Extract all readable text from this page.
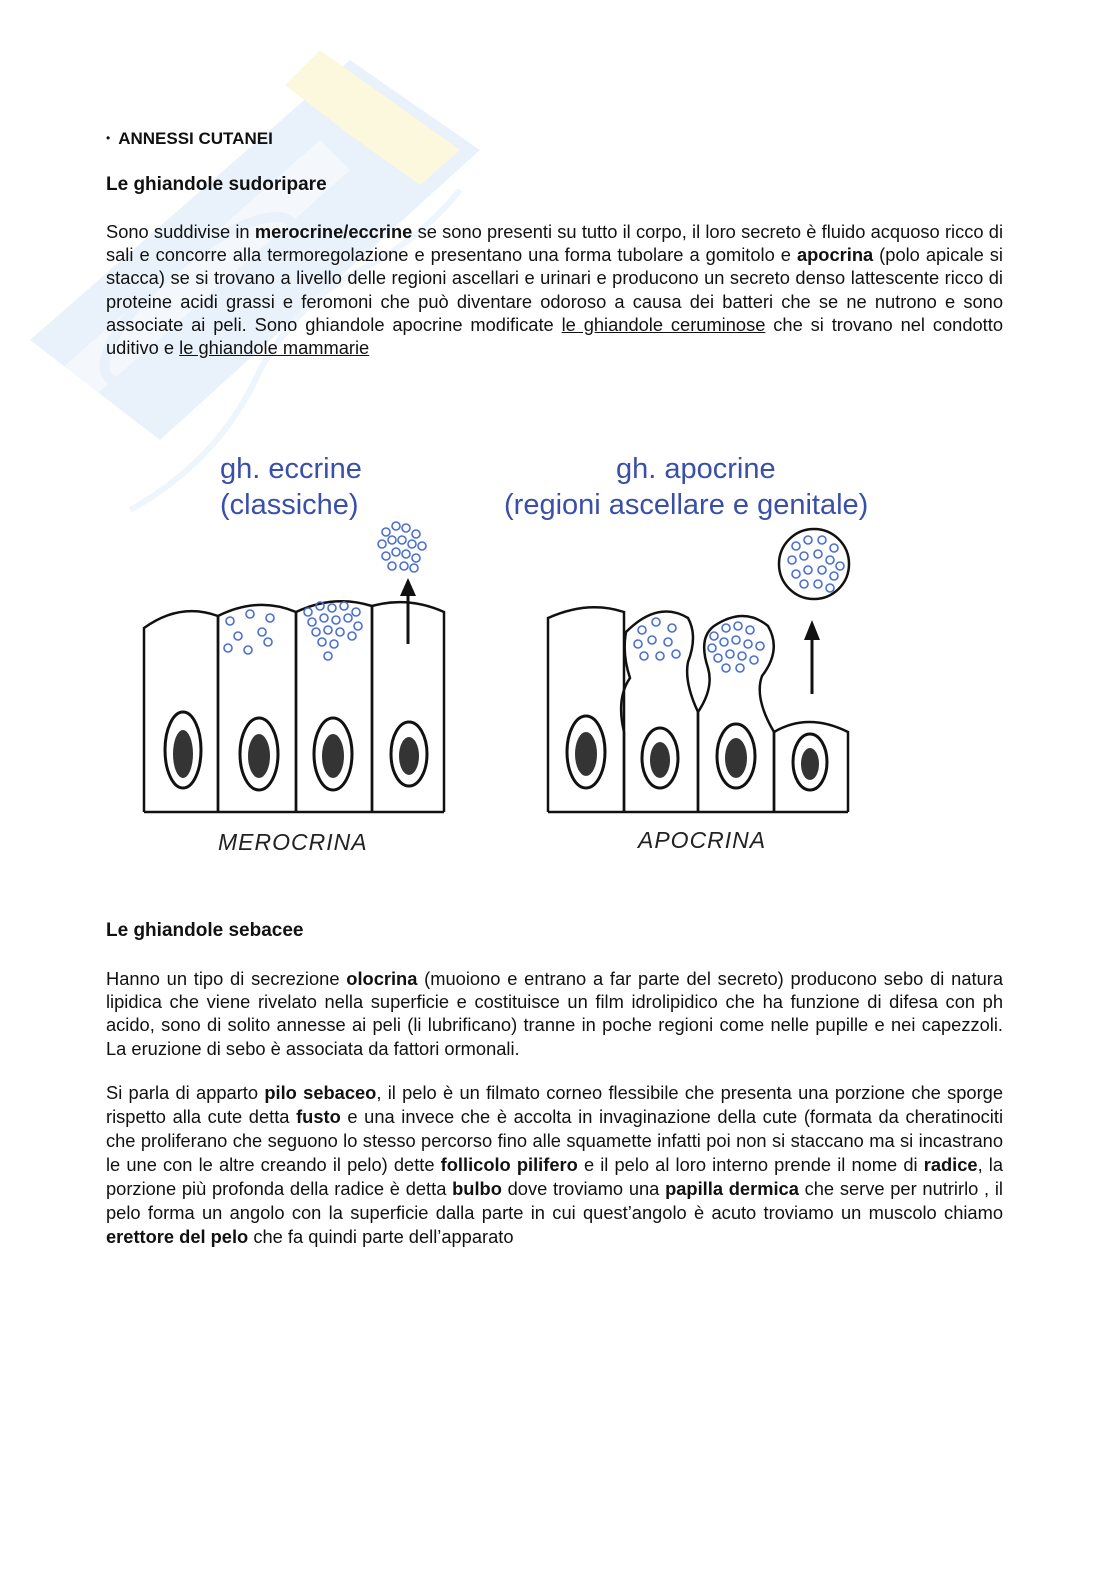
• ANNESSI CUTANEI
Le ghiandole sudoripare

Sono suddivise in merocrine/eccrine se sono presenti su tutto il corpo, il loro secreto è fluido acquoso ricco di sali e concorre alla termoregolazione e presentano una forma tubolare a gomitolo e apocrina (polo apicale si stacca) se si trovano a livello delle regioni ascellari e urinari e producono un secreto denso lattescente ricco di proteine acidi grassi e feromoni che può diventare odoroso a causa dei batteri che se ne nutrono e sono associate ai peli. Sono ghiandole apocrine modificate le ghiandole ceruminose che si trovano nel condotto uditivo e le ghiandole mammarie

Le ghiandole sebacee

Hanno un tipo di secrezione olocrina (muoiono e entrano a far parte del secreto) producono sebo di natura lipidica che viene rivelato nella superficie e costituisce un film idrolipidico che ha funzione di difesa con ph acido, sono di solito annesse ai peli (li lubrificano) tranne in poche regioni come nelle pupille e nei capezzoli. La eruzione di sebo è associata da fattori ormonali.

Si parla di apparto pilo sebaceo, il pelo è un filmato corneo flessibile che presenta una porzione che sporge rispetto alla cute detta fusto e una invece che è accolta in invaginazione della cute (formata da cheratinociti che proliferano che seguono lo stesso percorso fino alle squamette infatti poi non si staccano ma si incastrano le une con le altre creando il pelo) dette follicolo pilifero e il pelo al loro interno prende il nome di radice, la porzione più profonda della radice è detta bulbo dove troviamo una papilla dermica che serve per nutrirlo , il pelo forma un angolo con la superficie dalla parte in cui quest’angolo è acuto troviamo un muscolo chiamo erettore del pelo che fa quindi parte dell’apparato

gh. eccrine
(classiche)
gh. apocrine
(regioni ascellare e genitale)
MEROCRINA	APOCRINA
